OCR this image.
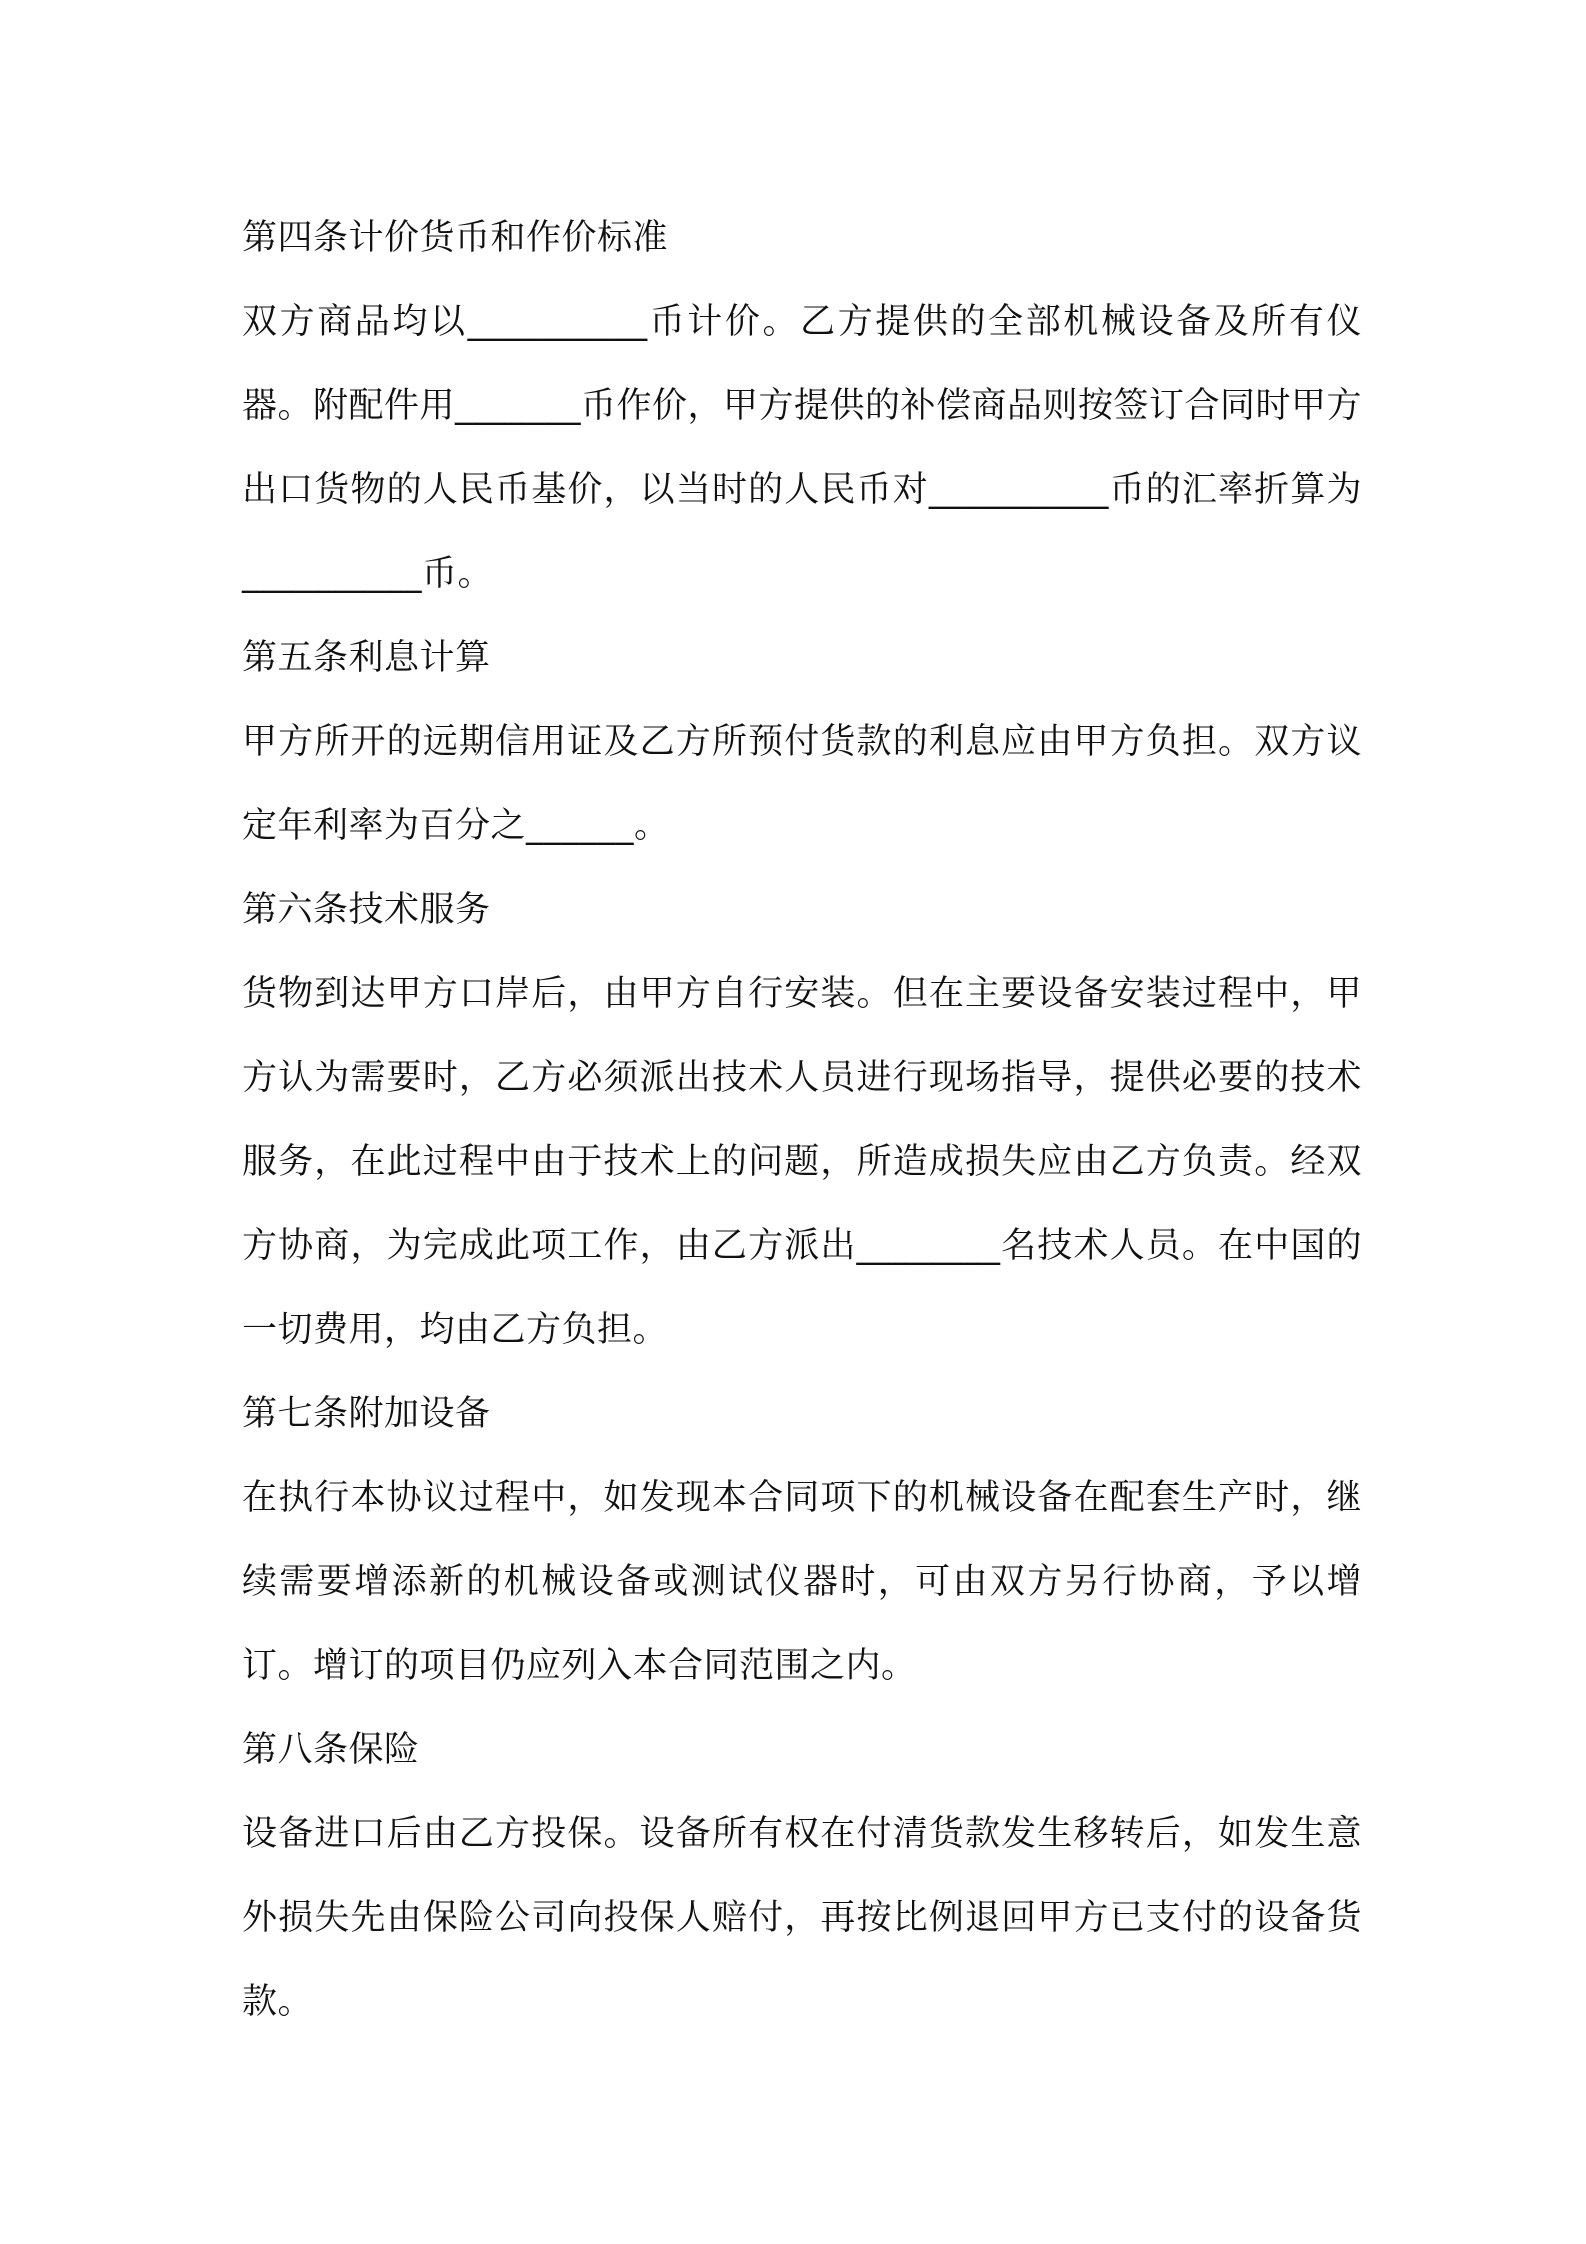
第四条计价货币和作价标准

双方商品均以__________币计价。乙方提供的全部机械设备及所有仪器。附配件用_______币作价，甲方提供的补偿商品则按签订合同时甲方出口货物的人民币基价，以当时的人民币对__________币的汇率折算为__________币。

第五条利息计算

甲方所开的远期信用证及乙方所预付货款的利息应由甲方负担。双方议定年利率为百分之______。

第六条技术服务

货物到达甲方口岸后，由甲方自行安装。但在主要设备安装过程中，甲方认为需要时，乙方必须派出技术人员进行现场指导，提供必要的技术服务，在此过程中由于技术上的问题，所造成损失应由乙方负责。经双方协商，为完成此项工作，由乙方派出________名技术人员。在中国的一切费用，均由乙方负担。

第七条附加设备

在执行本协议过程中，如发现本合同项下的机械设备在配套生产时，继续需要增添新的机械设备或测试仪器时，可由双方另行协商，予以增订。增订的项目仍应列入本合同范围之内。

第八条保险

设备进口后由乙方投保。设备所有权在付清货款发生移转后，如发生意外损失先由保险公司向投保人赔付，再按比例退回甲方已支付的设备货款。
